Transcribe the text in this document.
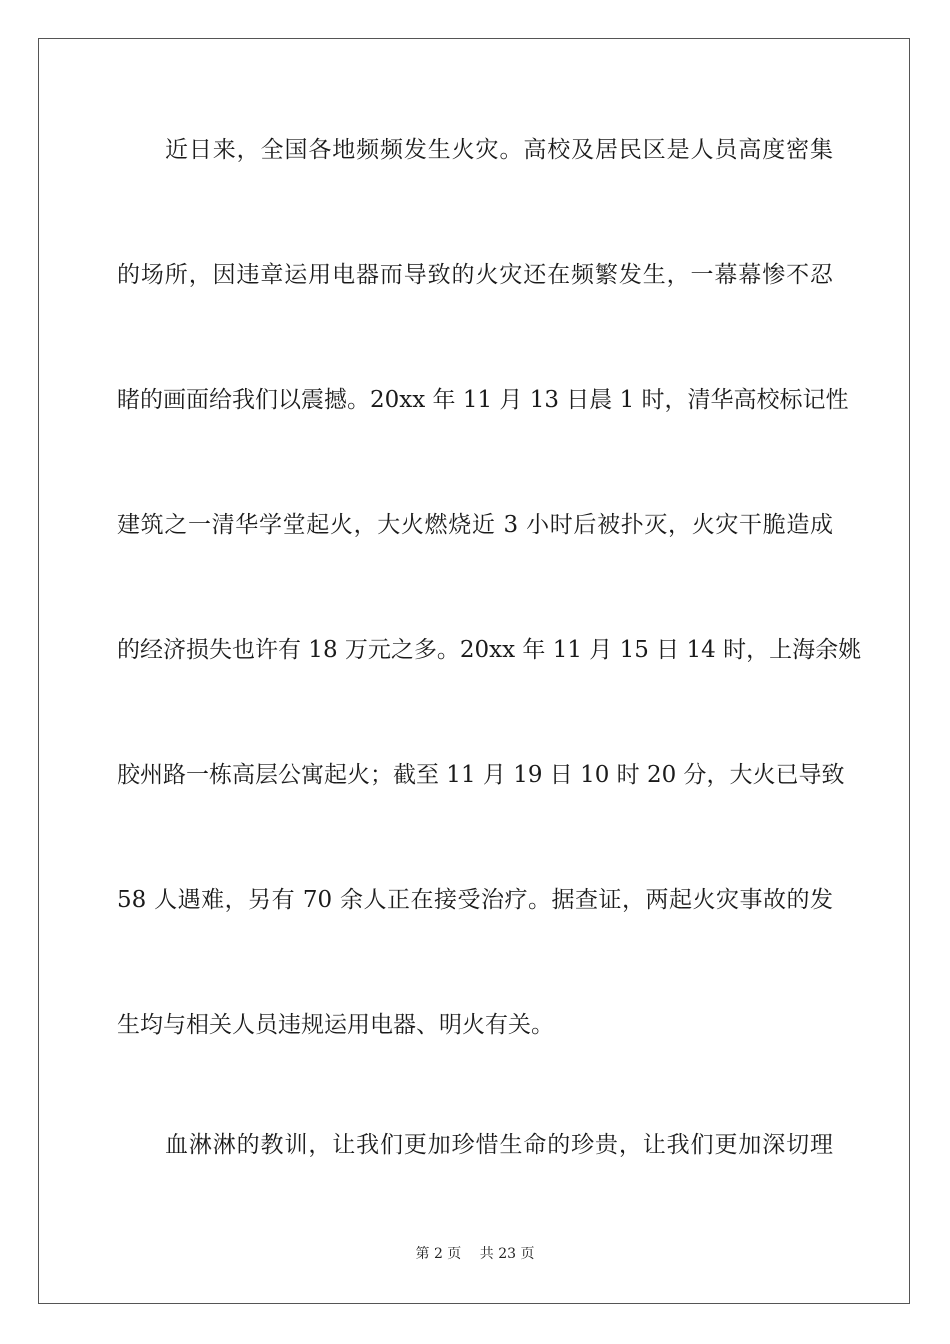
近日来，全国各地频频发生火灾。高校及居民区是人员高度密集
的场所，因违章运用电器而导致的火灾还在频繁发生，一幕幕惨不忍
睹的画面给我们以震撼。20xx 年 11 月 13 日晨 1 时，清华高校标记性
建筑之一清华学堂起火，大火燃烧近 3 小时后被扑灭，火灾干脆造成
的经济损失也许有 18 万元之多。20xx 年 11 月 15 日 14 时，上海余姚
胶州路一栋高层公寓起火；截至 11 月 19 日 10 时 20 分，大火已导致
58 人遇难，另有 70 余人正在接受治疗。据查证，两起火灾事故的发
生均与相关人员违规运用电器、明火有关。
血淋淋的教训，让我们更加珍惜生命的珍贵，让我们更加深切理
第 2 页　 共 23 页
